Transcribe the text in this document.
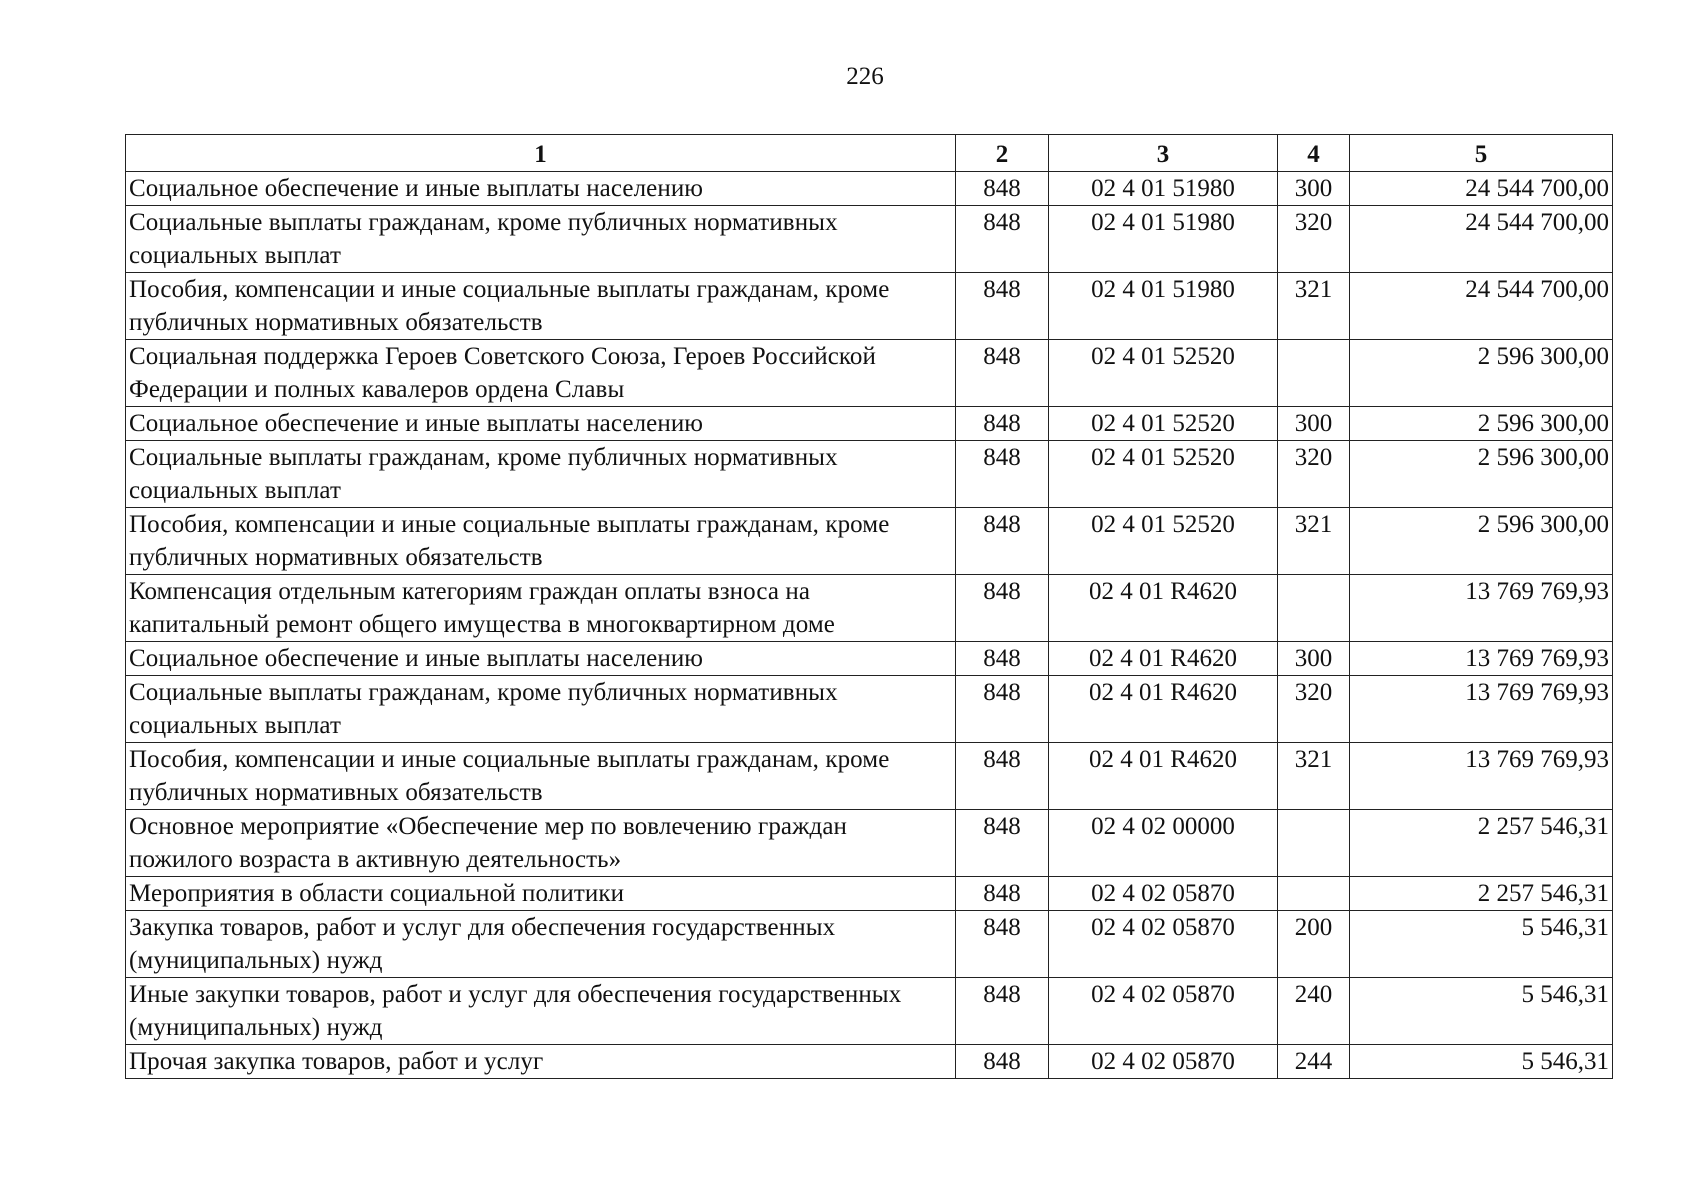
226
1	2	3	4	5
Социальное обеспечение и иные выплаты населению	848	02 4 01 51980	300	24 544 700,00
Социальные выплаты гражданам, кроме публичных нормативных социальных выплат	848	02 4 01 51980	320	24 544 700,00
Пособия, компенсации и иные социальные выплаты гражданам, кроме публичных нормативных обязательств	848	02 4 01 51980	321	24 544 700,00
Социальная поддержка Героев Советского Союза, Героев Российской Федерации и полных кавалеров ордена Славы	848	02 4 01 52520		2 596 300,00
Социальное обеспечение и иные выплаты населению	848	02 4 01 52520	300	2 596 300,00
Социальные выплаты гражданам, кроме публичных нормативных социальных выплат	848	02 4 01 52520	320	2 596 300,00
Пособия, компенсации и иные социальные выплаты гражданам, кроме публичных нормативных обязательств	848	02 4 01 52520	321	2 596 300,00
Компенсация отдельным категориям граждан оплаты взноса на капитальный ремонт общего имущества в многоквартирном доме	848	02 4 01 R4620		13 769 769,93
Социальное обеспечение и иные выплаты населению	848	02 4 01 R4620	300	13 769 769,93
Социальные выплаты гражданам, кроме публичных нормативных социальных выплат	848	02 4 01 R4620	320	13 769 769,93
Пособия, компенсации и иные социальные выплаты гражданам, кроме публичных нормативных обязательств	848	02 4 01 R4620	321	13 769 769,93
Основное мероприятие «Обеспечение мер по вовлечению граждан пожилого возраста в активную деятельность»	848	02 4 02 00000		2 257 546,31
Мероприятия в области социальной политики	848	02 4 02 05870		2 257 546,31
Закупка товаров, работ и услуг для обеспечения государственных (муниципальных) нужд	848	02 4 02 05870	200	5 546,31
Иные закупки товаров, работ и услуг для обеспечения государственных (муниципальных) нужд	848	02 4 02 05870	240	5 546,31
Прочая закупка товаров, работ и услуг	848	02 4 02 05870	244	5 546,31
